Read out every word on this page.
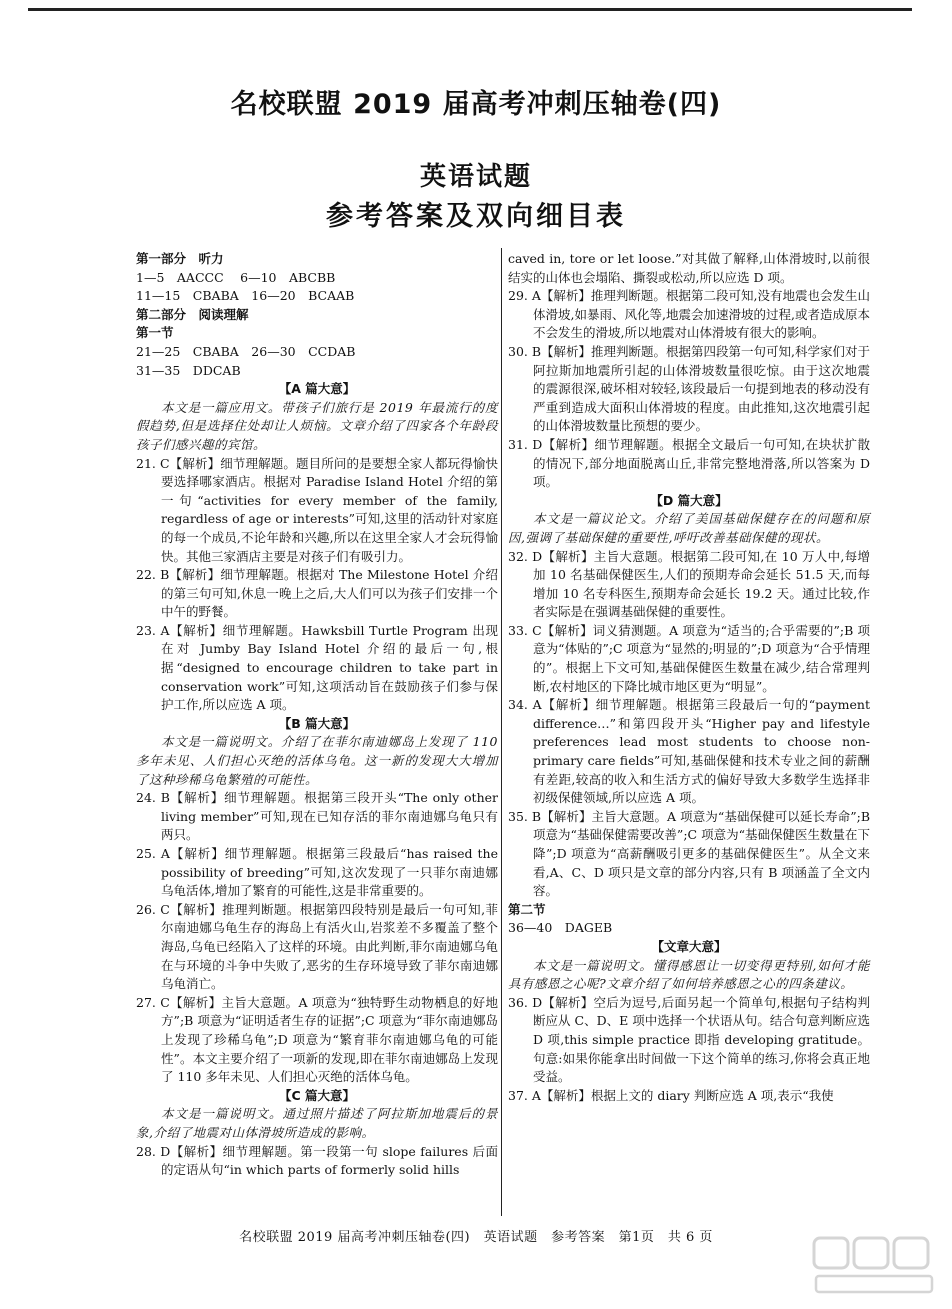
名校联盟 2019 届高考冲刺压轴卷(四)
英语试题
参考答案及双向细目表

第一部分　听力

1—5　AACCC　 6—10　ABCBB

11—15　CBABA　16—20　BCAAB

第二部分　阅读理解

第一节

21—25　CBABA　26—30　CCDAB

31—35　DDCAB

【A 篇大意】

本文是一篇应用文。带孩子们旅行是 2019 年最流行的度假趋势,但是选择住处却让人烦恼。文章介绍了四家各个年龄段孩子们感兴趣的宾馆。

21. C【解析】细节理解题。题目所问的是要想全家人都玩得愉快要选择哪家酒店。根据对 Paradise Island Hotel 介绍的第一句“activities for every member of the family, regardless of age or interests”可知,这里的活动针对家庭的每一个成员,不论年龄和兴趣,所以在这里全家人才会玩得愉快。其他三家酒店主要是对孩子们有吸引力。

22. B【解析】细节理解题。根据对 The Milestone Hotel 介绍的第三句可知,休息一晚上之后,大人们可以为孩子们安排一个中午的野餐。

23. A【解析】细节理解题。Hawksbill Turtle Program 出现在对 Jumby Bay Island Hotel 介绍的最后一句,根据“designed to encourage children to take part in conservation work”可知,这项活动旨在鼓励孩子们参与保护工作,所以应选 A 项。

【B 篇大意】

本文是一篇说明文。介绍了在菲尔南迪娜岛上发现了 110 多年未见、人们担心灭绝的活体乌龟。这一新的发现大大增加了这种珍稀乌龟繁殖的可能性。

24. B【解析】细节理解题。根据第三段开头“The only other living member”可知,现在已知存活的菲尔南迪娜乌龟只有两只。

25. A【解析】细节理解题。根据第三段最后“has raised the possibility of breeding”可知,这次发现了一只菲尔南迪娜乌龟活体,增加了繁育的可能性,这是非常重要的。

26. C【解析】推理判断题。根据第四段特别是最后一句可知,菲尔南迪娜乌龟生存的海岛上有活火山,岩浆差不多覆盖了整个海岛,乌龟已经陷入了这样的环境。由此判断,菲尔南迪娜乌龟在与环境的斗争中失败了,恶劣的生存环境导致了菲尔南迪娜乌龟消亡。

27. C【解析】主旨大意题。A 项意为“独特野生动物栖息的好地方”;B 项意为“证明适者生存的证据”;C 项意为“菲尔南迪娜岛上发现了珍稀乌龟”;D 项意为“繁育菲尔南迪娜乌龟的可能性”。本文主要介绍了一项新的发现,即在菲尔南迪娜岛上发现了 110 多年未见、人们担心灭绝的活体乌龟。

【C 篇大意】

本文是一篇说明文。通过照片描述了阿拉斯加地震后的景象,介绍了地震对山体滑坡所造成的影响。

28. D【解析】细节理解题。第一段第一句 slope failures 后面的定语从句“in which parts of formerly solid hills

caved in, tore or let loose.”对其做了解释,山体滑坡时,以前很结实的山体也会塌陷、撕裂或松动,所以应选 D 项。

29. A【解析】推理判断题。根据第二段可知,没有地震也会发生山体滑坡,如暴雨、风化等,地震会加速滑坡的过程,或者造成原本不会发生的滑坡,所以地震对山体滑坡有很大的影响。

30. B【解析】推理判断题。根据第四段第一句可知,科学家们对于阿拉斯加地震所引起的山体滑坡数量很吃惊。由于这次地震的震源很深,破坏相对较轻,该段最后一句提到地表的移动没有严重到造成大面积山体滑坡的程度。由此推知,这次地震引起的山体滑坡数量比预想的要少。

31. D【解析】细节理解题。根据全文最后一句可知,在块状扩散的情况下,部分地面脱离山丘,非常完整地滑落,所以答案为 D 项。

【D 篇大意】

本文是一篇议论文。介绍了美国基础保健存在的问题和原因,强调了基础保健的重要性,呼吁改善基础保健的现状。

32. D【解析】主旨大意题。根据第二段可知,在 10 万人中,每增加 10 名基础保健医生,人们的预期寿命会延长 51.5 天,而每增加 10 名专科医生,预期寿命会延长 19.2 天。通过比较,作者实际是在强调基础保健的重要性。

33. C【解析】词义猜测题。A 项意为“适当的;合乎需要的”;B 项意为“体贴的”;C 项意为“显然的;明显的”;D 项意为“合乎情理的”。根据上下文可知,基础保健医生数量在减少,结合常理判断,农村地区的下降比城市地区更为“明显”。

34. A【解析】细节理解题。根据第三段最后一句的“payment difference…”和第四段开头“Higher pay and lifestyle preferences lead most students to choose non-primary care fields”可知,基础保健和技术专业之间的薪酬有差距,较高的收入和生活方式的偏好导致大多数学生选择非初级保健领域,所以应选 A 项。

35. B【解析】主旨大意题。A 项意为“基础保健可以延长寿命”;B 项意为“基础保健需要改善”;C 项意为“基础保健医生数量在下降”;D 项意为“高薪酬吸引更多的基础保健医生”。从全文来看,A、C、D 项只是文章的部分内容,只有 B 项涵盖了全文内容。

第二节

36—40　DAGEB

【文章大意】

本文是一篇说明文。懂得感恩让一切变得更特别,如何才能具有感恩之心呢?文章介绍了如何培养感恩之心的四条建议。

36. D【解析】空后为逗号,后面另起一个简单句,根据句子结构判断应从 C、D、E 项中选择一个状语从句。结合句意判断应选 D 项,this simple practice 即指 developing gratitude。句意:如果你能拿出时间做一下这个简单的练习,你将会真正地受益。

37. A【解析】根据上文的 diary 判断应选 A 项,表示“我使

名校联盟 2019 届高考冲刺压轴卷(四)　英语试题　参考答案　第1页　共 6 页
